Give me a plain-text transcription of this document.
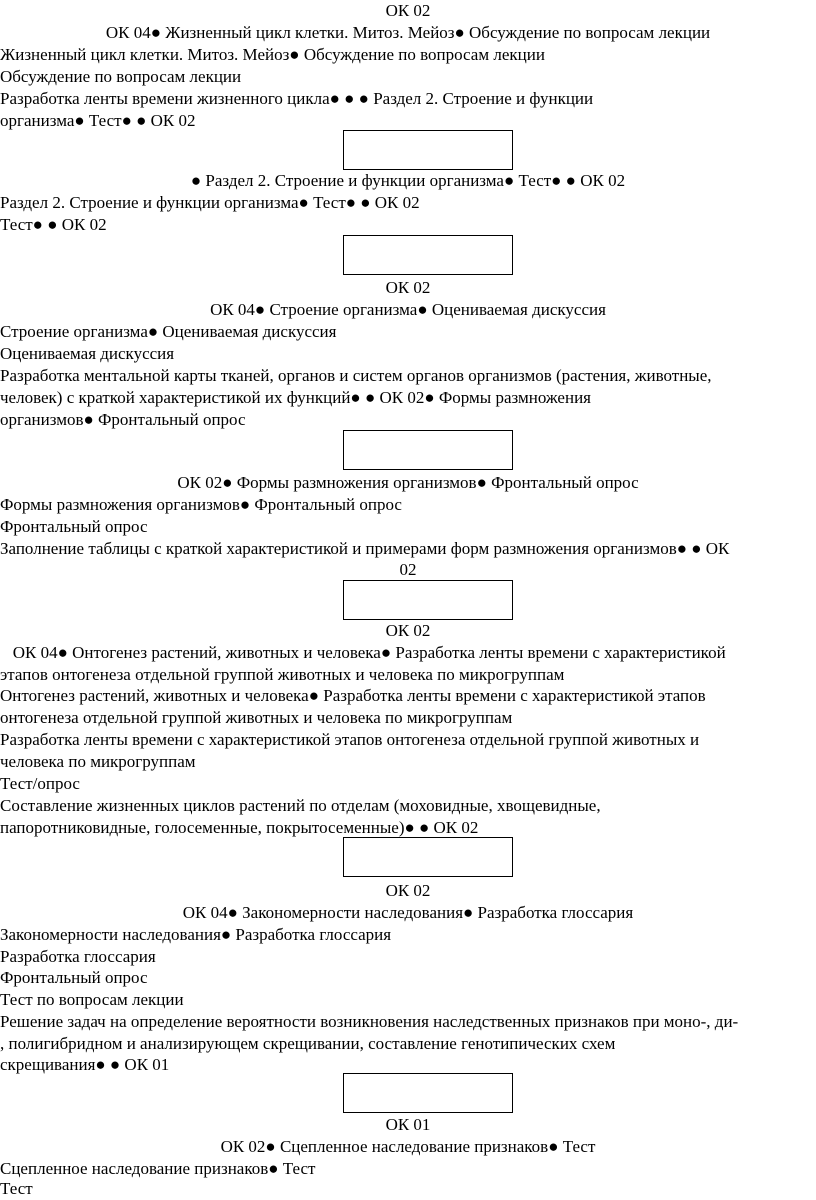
ОК 02
ОК 04● Жизненный цикл клетки. Митоз. Мейоз● Обсуждение по вопросам лекции
Жизненный цикл клетки. Митоз. Мейоз● Обсуждение по вопросам лекции
Обсуждение по вопросам лекции
Разработка ленты времени жизненного цикла● ● ● Раздел 2. Строение и функции
организма● Тест● ● ОК 02
● Раздел 2. Строение и функции организма● Тест● ● ОК 02
Раздел 2. Строение и функции организма● Тест● ● ОК 02
Тест● ● ОК 02
ОК 02
ОК 04● Строение организма● Оцениваемая дискуссия
Строение организма● Оцениваемая дискуссия
Оцениваемая дискуссия
Разработка ментальной карты тканей, органов и систем органов организмов (растения, животные,
человек) с краткой характеристикой их функций● ● ОК 02● Формы размножения
организмов● Фронтальный опрос
ОК 02● Формы размножения организмов● Фронтальный опрос
Формы размножения организмов● Фронтальный опрос
Фронтальный опрос
Заполнение таблицы с краткой характеристикой и примерами форм размножения организмов● ● ОК
02
ОК 02
ОК 04● Онтогенез растений, животных и человека● Разработка ленты времени с характеристикой
этапов онтогенеза отдельной группой животных и человека по микрогруппам
Онтогенез растений, животных и человека● Разработка ленты времени с характеристикой этапов
онтогенеза отдельной группой животных и человека по микрогруппам
Разработка ленты времени с характеристикой этапов онтогенеза отдельной группой животных и
человека по микрогруппам
Тест/опрос
Составление жизненных циклов растений по отделам (моховидные, хвощевидные,
папоротниковидные, голосеменные, покрытосеменные)● ● ОК 02
ОК 02
ОК 04● Закономерности наследования● Разработка глоссария
Закономерности наследования● Разработка глоссария
Разработка глоссария
Фронтальный опрос
Тест по вопросам лекции
Решение задач на определение вероятности возникновения наследственных признаков при моно-, ди-
, полигибридном и анализирующем скрещивании, составление генотипических схем
скрещивания● ● ОК 01
ОК 01
ОК 02● Сцепленное наследование признаков● Тест
Сцепленное наследование признаков● Тест
Тест
